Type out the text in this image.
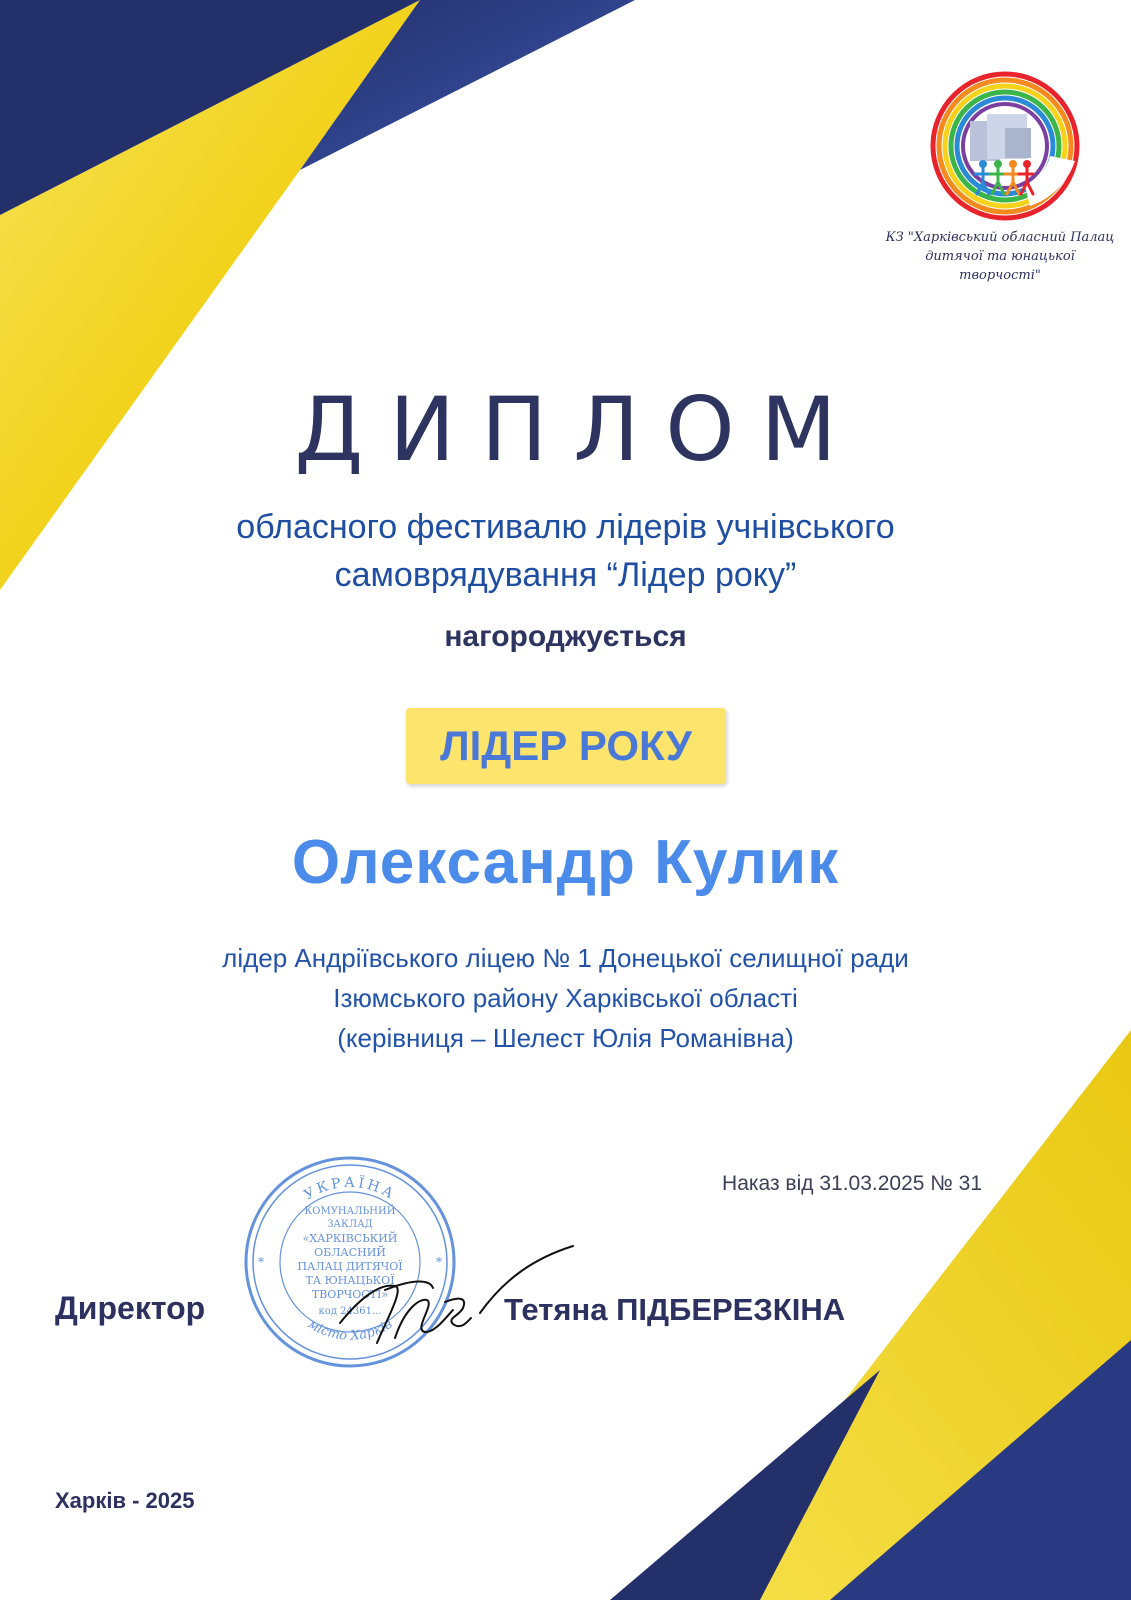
КЗ "Харківський обласний Палац
дитячої та юнацької
творчості"
ДИПЛОМ
обласного фестивалю лідерів учнівського
самоврядування “Лідер року”
нагороджується
ЛІДЕР РОКУ
Олександр Кулик
лідер Андріївського ліцею № 1 Донецької селищної ради
Ізюмського району Харківської області
(керівниця – Шелест Юлія Романівна)
Наказ від 31.03.2025 № 31
УКРАЇНА
місто Харків
КОМУНАЛЬНИЙ
ЗАКЛАД
«ХАРКІВСЬКИЙ
ОБЛАСНИЙ
ПАЛАЦ ДИТЯЧОЇ
ТА ЮНАЦЬКОЇ
ТВОРЧОСТІ»
код 24361...
*	*
Директор	Тетяна ПІДБЕРЕЗКІНА
Харків - 2025
